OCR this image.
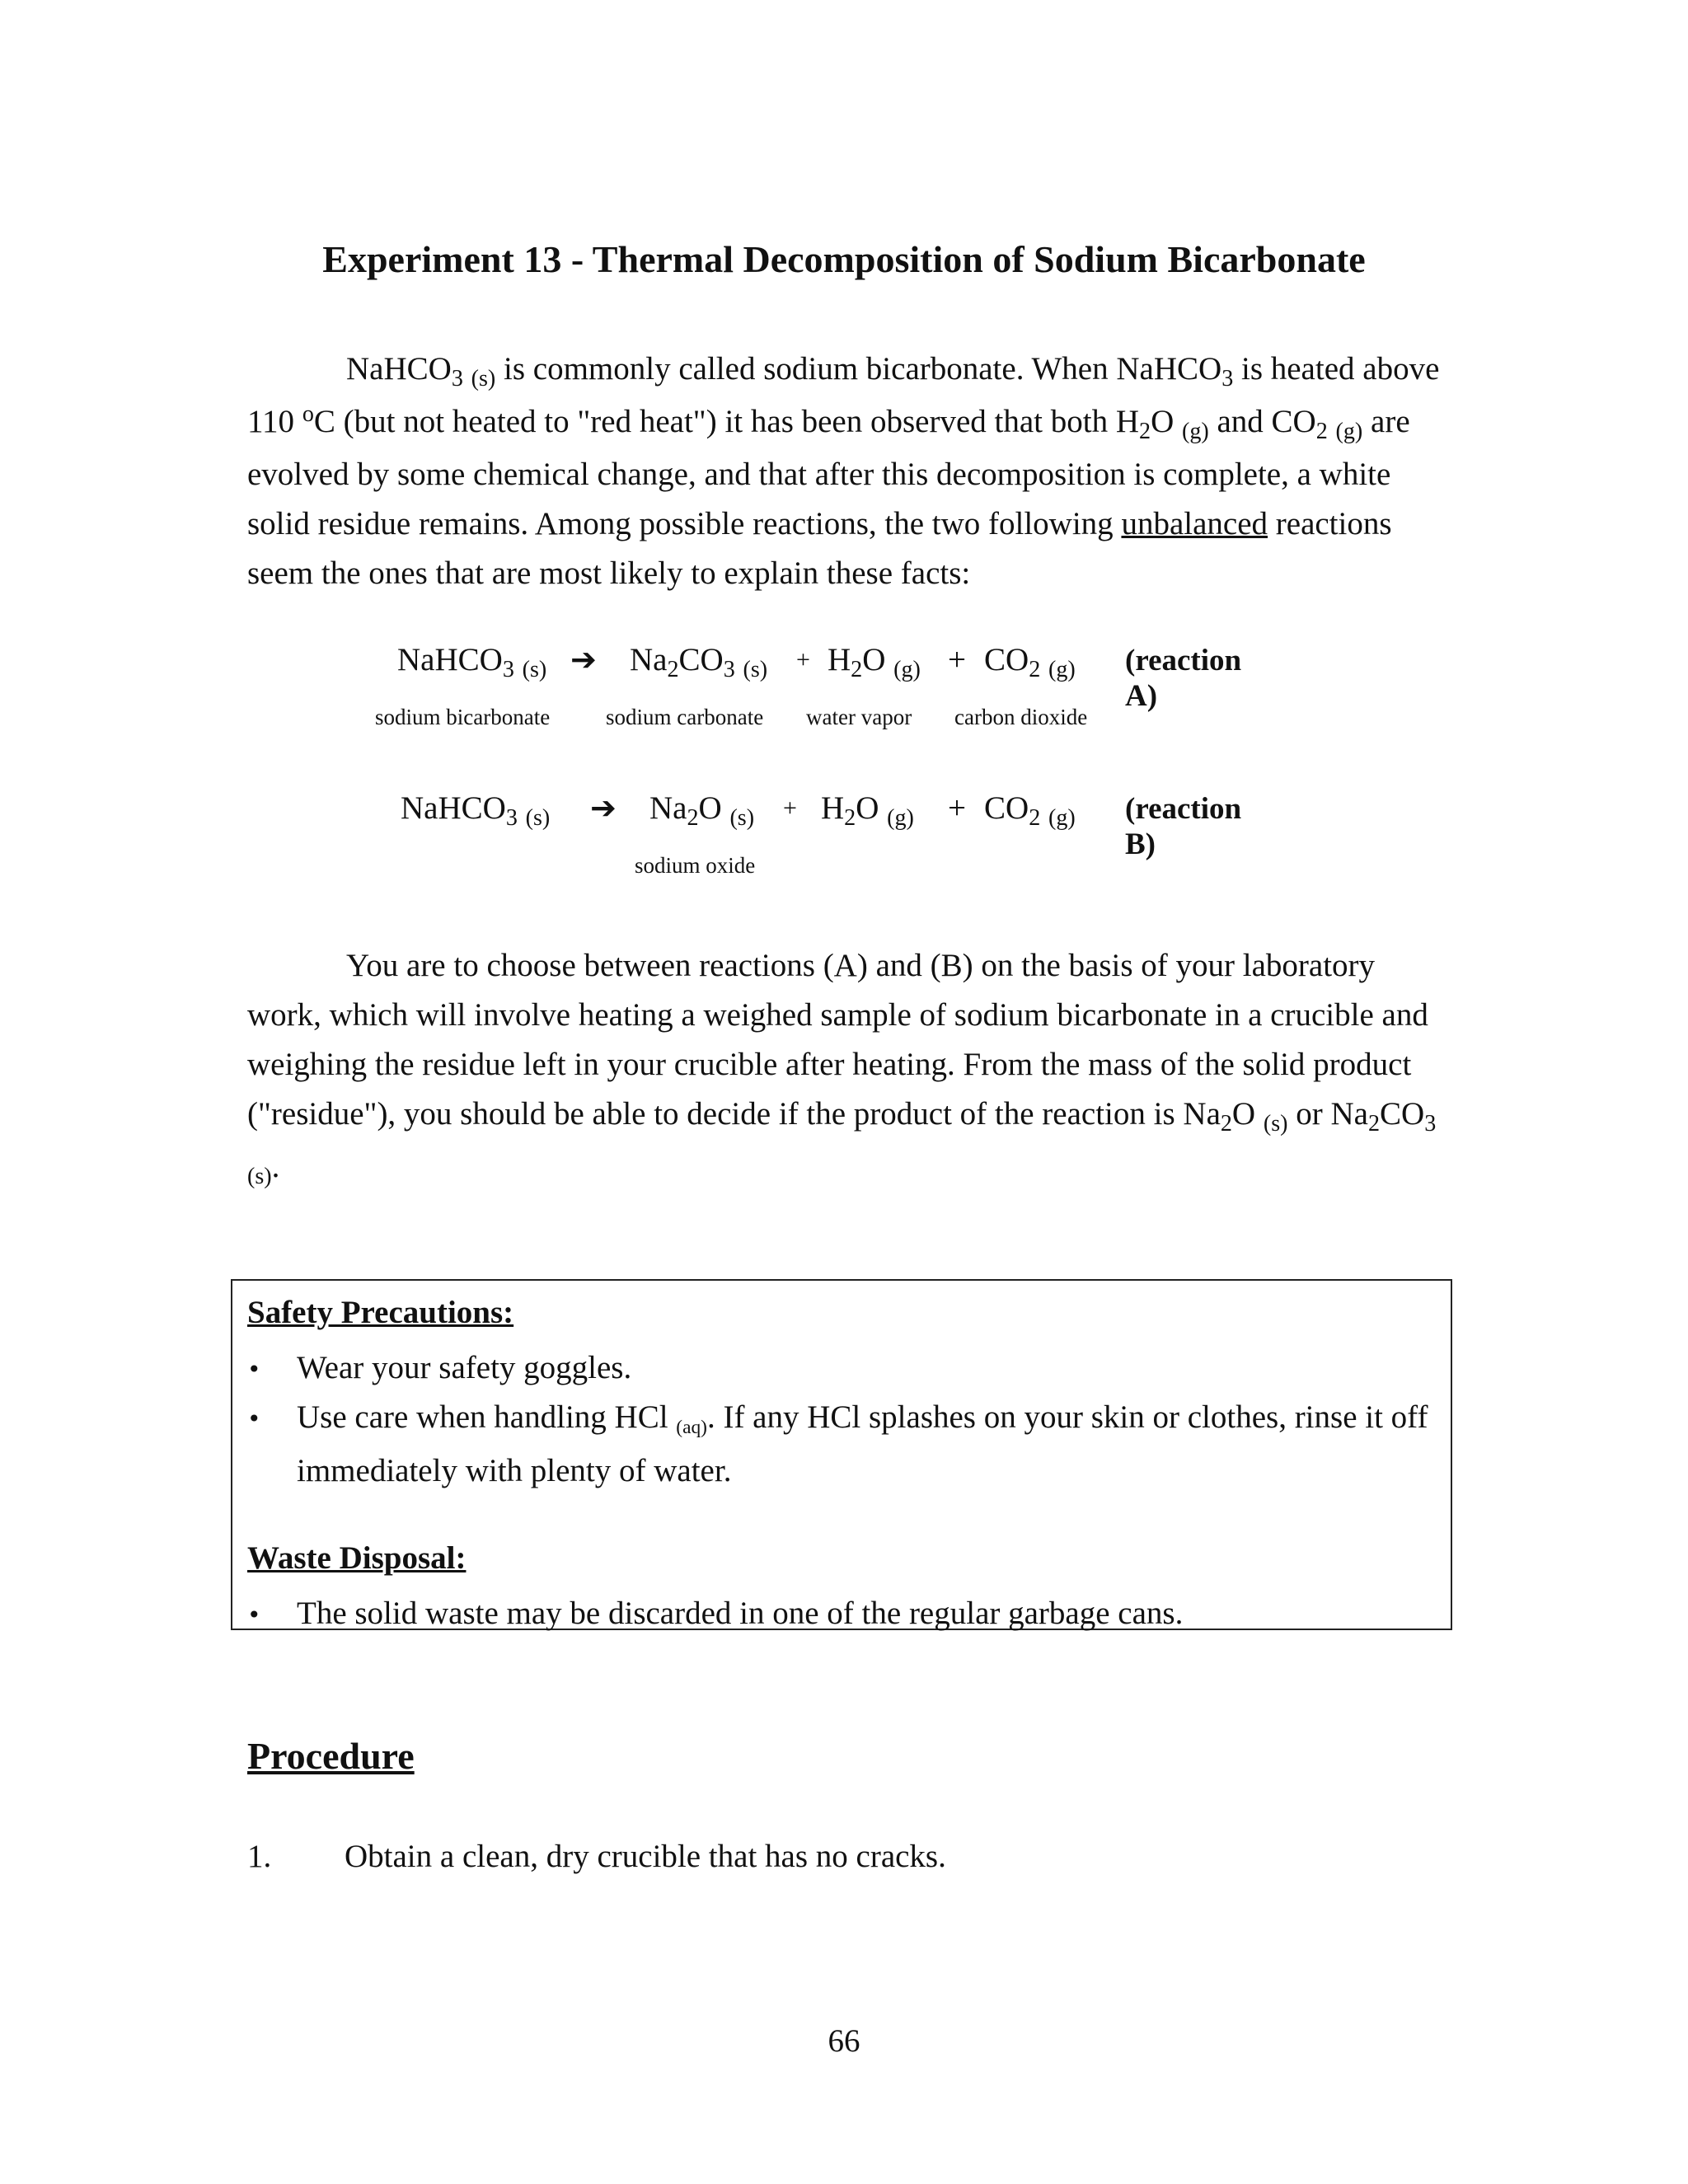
Experiment 13 - Thermal Decomposition of Sodium Bicarbonate
NaHCO$_3$ $_{(s)}$ is commonly called sodium bicarbonate. When NaHCO$_3$ is heated above 110 $^o$C (but not heated to "red heat") it has been observed that both $H_2O$ $_{(g)}$ and $CO_2$ $_{(g)}$ are evolved by some chemical change, and that after this decomposition is complete, a white solid residue remains. Among possible reactions, the two following unbalanced reactions seem the ones that are most likely to explain these facts:
NaHCO$_3$ $_{(s)}$ ➔ $Na_2CO_3$ $_{(s)} + H_2O$ $_{(g)} + CO_2$ $_{(g)}$ (reaction A)
sodium bicarbonate	sodium carbonate water vapor carbon dioxide
NaHCO$_3$ $_{(s)}$ ➔ $Na_2O$ $_{(s)} + H_2O$ $_{(g)} + CO_2$ $_{(g)}$ (reaction B)
sodium oxide
You are to choose between reactions (A) and (B) on the basis of your laboratory work, which will involve heating a weighed sample of sodium bicarbonate in a crucible and weighing the residue left in your crucible after heating. From the mass of the solid product ("residue"), you should be able to decide if the product of the reaction is $Na_2O$ $_{(s)}$ or $Na_2CO_3$ $_{(s)}$.
Safety Precautions:
• Wear your safety goggles.
• Use care when handling HCl (aq). If any HCl splashes on your skin or clothes, rinse it off immediately with plenty of water.
Waste Disposal:
• The solid waste may be discarded in one of the regular garbage cans.
Procedure
1. Obtain a clean, dry crucible that has no cracks.
66
